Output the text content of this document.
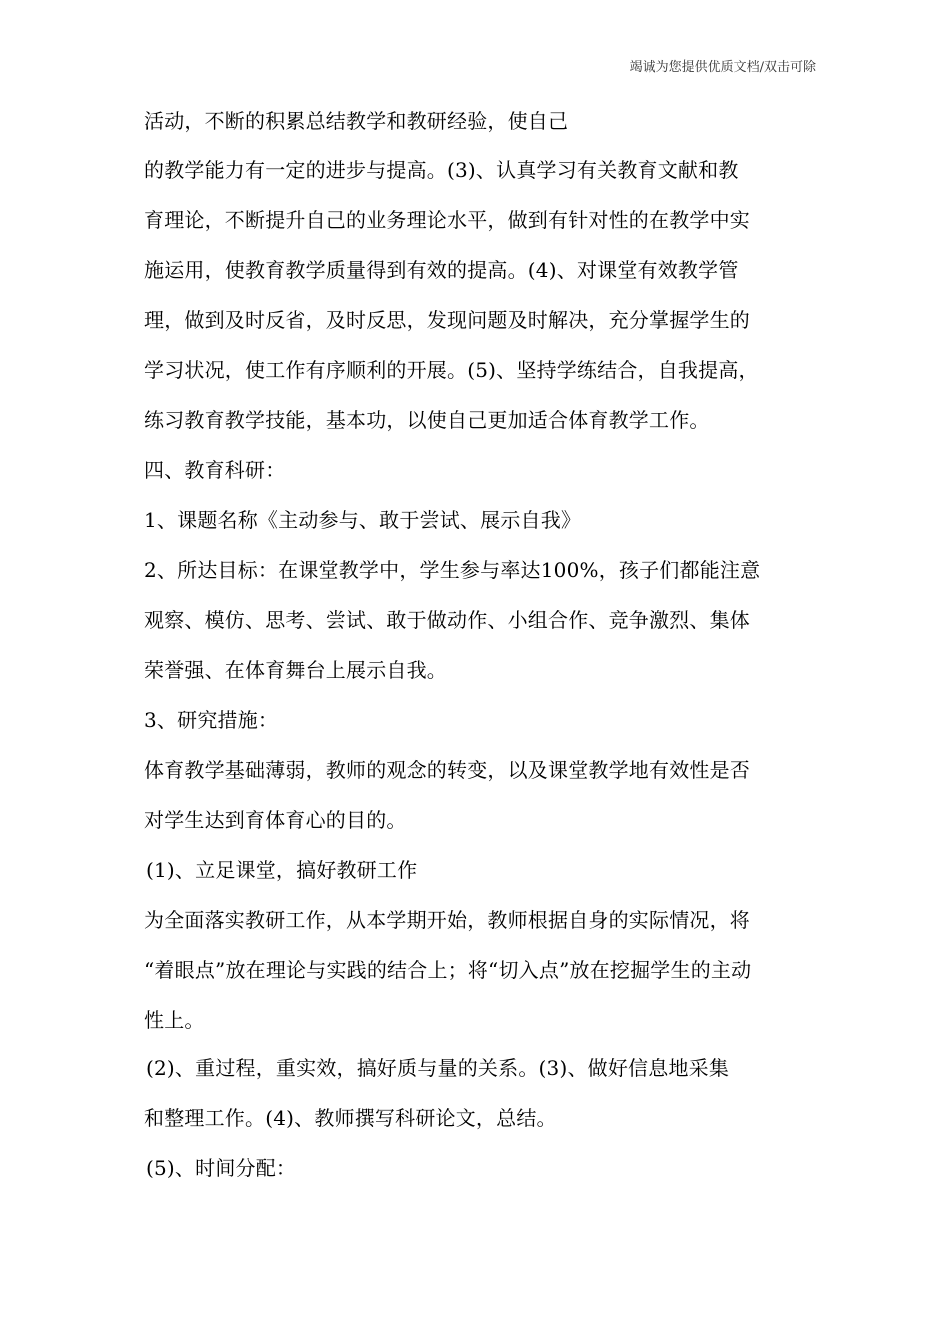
竭诚为您提供优质文档/双击可除
活动，不断的积累总结教学和教研经验，使自己
的教学能力有一定的进步与提高。(3)、认真学习有关教育文献和教
育理论，不断提升自己的业务理论水平，做到有针对性的在教学中实
施运用，使教育教学质量得到有效的提高。(4)、对课堂有效教学管
理，做到及时反省，及时反思，发现问题及时解决，充分掌握学生的
学习状况，使工作有序顺利的开展。(5)、坚持学练结合，自我提高，
练习教育教学技能，基本功，以使自己更加适合体育教学工作。
四、教育科研：
1、课题名称《主动参与、敢于尝试、展示自我》
2、所达目标：在课堂教学中，学生参与率达100%，孩子们都能注意
观察、模仿、思考、尝试、敢于做动作、小组合作、竞争激烈、集体
荣誉强、在体育舞台上展示自我。
3、研究措施：
体育教学基础薄弱，教师的观念的转变，以及课堂教学地有效性是否
对学生达到育体育心的目的。
(1)、立足课堂，搞好教研工作
为全面落实教研工作，从本学期开始，教师根据自身的实际情况，将
“着眼点”放在理论与实践的结合上；将“切入点”放在挖掘学生的主动
性上。
(2)、重过程，重实效，搞好质与量的关系。(3)、做好信息地采集
和整理工作。(4)、教师撰写科研论文，总结。
(5)、时间分配：
